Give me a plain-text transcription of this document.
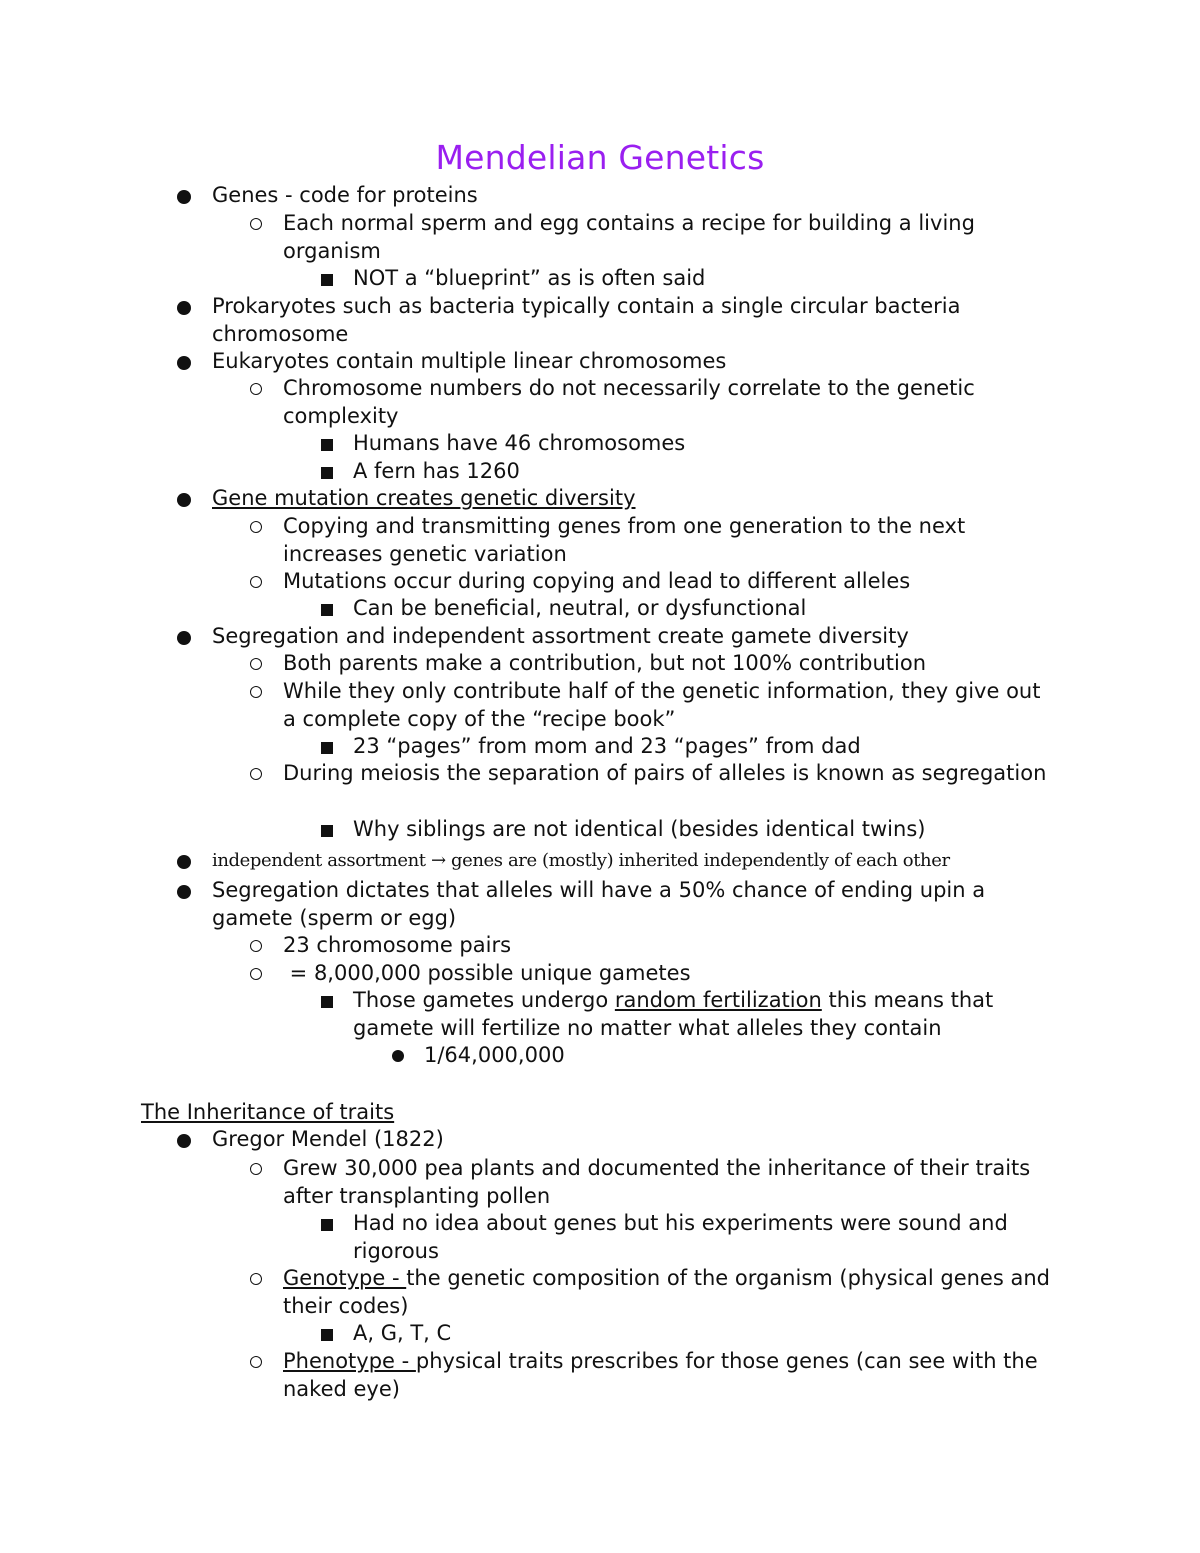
Mendelian Genetics
Genes - code for proteins
Each normal sperm and egg contains a recipe for building a living organism
NOT a “blueprint” as is often said
Prokaryotes such as bacteria typically contain a single circular bacteria chromosome
Eukaryotes contain multiple linear chromosomes
Chromosome numbers do not necessarily correlate to the genetic complexity
Humans have 46 chromosomes
A fern has 1260
Gene mutation creates genetic diversity
Copying and transmitting genes from one generation to the next increases genetic variation
Mutations occur during copying and lead to different alleles
Can be beneficial, neutral, or dysfunctional
Segregation and independent assortment create gamete diversity
Both parents make a contribution, but not 100% contribution
While they only contribute half of the genetic information, they give out a complete copy of the “recipe book”
23 “pages” from mom and 23 “pages” from dad
During meiosis the separation of pairs of alleles is known as segregation
Why siblings are not identical (besides identical twins)
independent assortment → genes are (mostly) inherited independently of each other
Segregation dictates that alleles will have a 50% chance of ending upin a gamete (sperm or egg)
23 chromosome pairs
= 8,000,000 possible unique gametes
Those gametes undergo random fertilization this means that gamete will fertilize no matter what alleles they contain
1/64,000,000
The Inheritance of traits
Gregor Mendel (1822)
Grew 30,000 pea plants and documented the inheritance of their traits after transplanting pollen
Had no idea about genes but his experiments were sound and rigorous
Genotype - the genetic composition of the organism (physical genes and their codes)
A, G, T, C
Phenotype - physical traits prescribes for those genes (can see with the naked eye)
